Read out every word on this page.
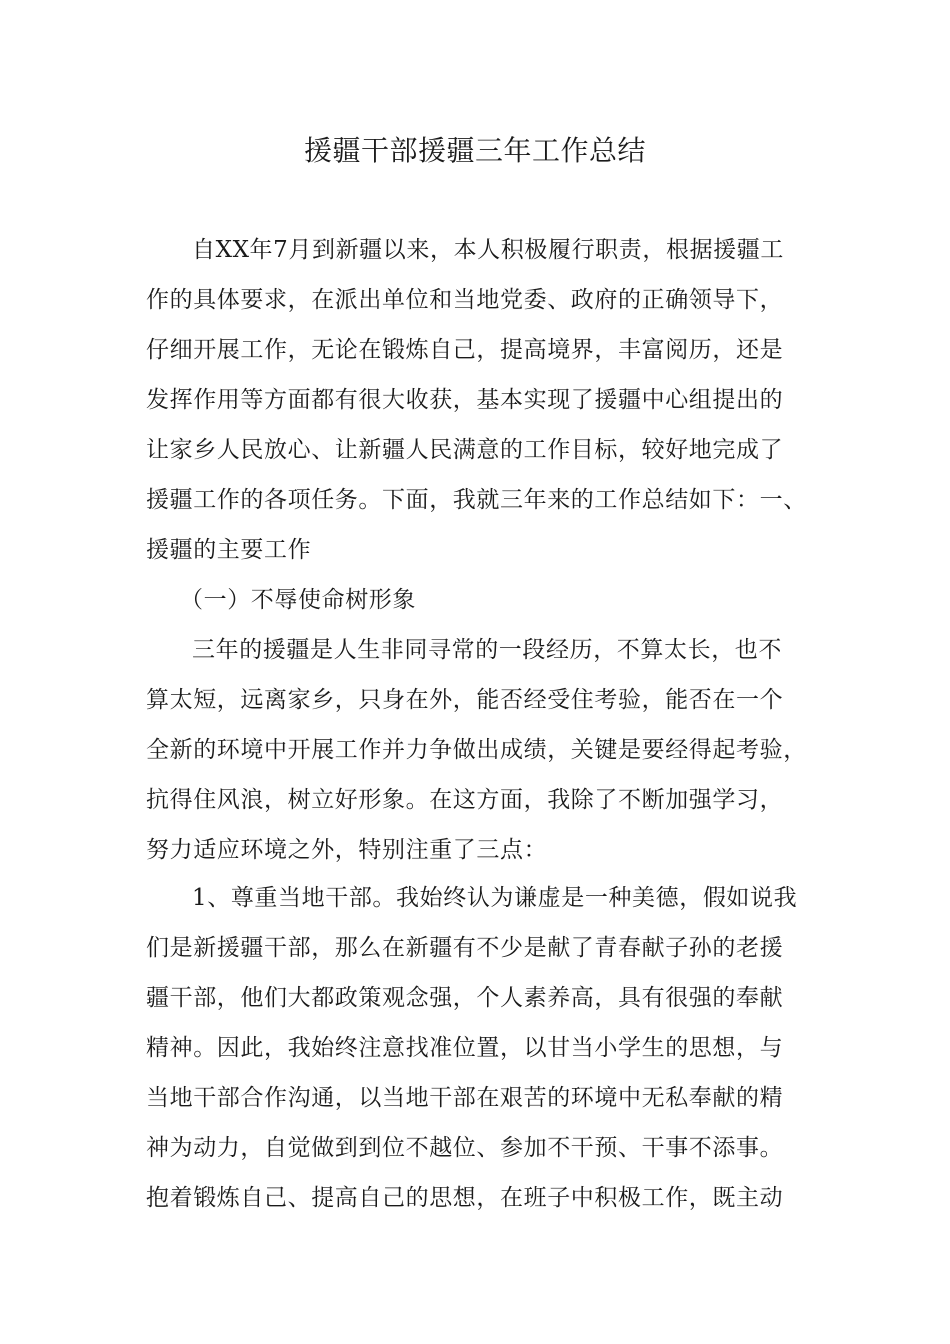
援疆干部援疆三年工作总结

自XX年7月到新疆以来，本人积极履行职责，根据援疆工

作的具体要求，在派出单位和当地党委、政府的正确领导下，

仔细开展工作，无论在锻炼自己，提高境界，丰富阅历，还是

发挥作用等方面都有很大收获，基本实现了援疆中心组提出的

让家乡人民放心、让新疆人民满意的工作目标，较好地完成了

援疆工作的各项任务。下面，我就三年来的工作总结如下：一、

援疆的主要工作

（一）不辱使命树形象

三年的援疆是人生非同寻常的一段经历，不算太长，也不

算太短，远离家乡，只身在外，能否经受住考验，能否在一个

全新的环境中开展工作并力争做出成绩，关键是要经得起考验，

抗得住风浪，树立好形象。在这方面，我除了不断加强学习，

努力适应环境之外，特别注重了三点：

1、尊重当地干部。我始终认为谦虚是一种美德，假如说我

们是新援疆干部，那么在新疆有不少是献了青春献子孙的老援

疆干部，他们大都政策观念强，个人素养高，具有很强的奉献

精神。因此，我始终注意找准位置，以甘当小学生的思想，与

当地干部合作沟通，以当地干部在艰苦的环境中无私奉献的精

神为动力，自觉做到到位不越位、参加不干预、干事不添事。

抱着锻炼自己、提高自己的思想，在班子中积极工作，既主动
